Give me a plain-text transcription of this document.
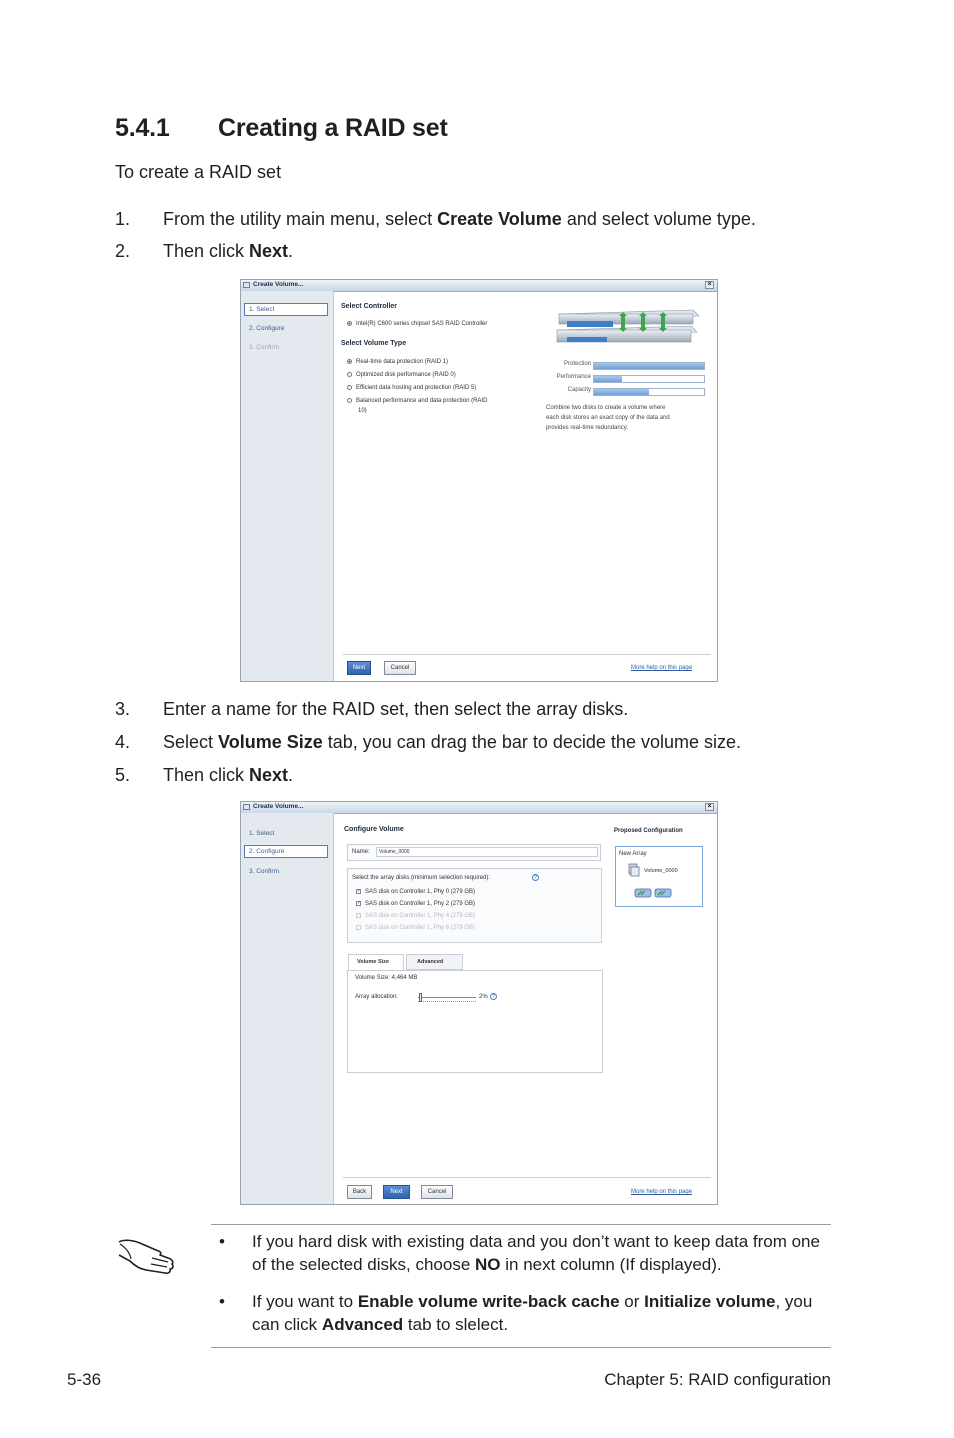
5.4.1 Creating a RAID set
To create a RAID set
1. From the utility main menu, select Create Volume and select volume type.
2. Then click Next.
Create Volume...	×
1. Select
2. Configure
3. Confirm
Select Controller
Intel(R) C600 series chipset SAS RAID Controller
Select Volume Type
Real-time data protection (RAID 1)
Optimized disk performance (RAID 0)
Efficient data hosting and protection (RAID 5)
Balanced performance and data protection (RAID
10)
Protection
Performance
Capacity
Combine two disks to create a volume where
each disk stores an exact copy of the data and
provides real-time redundancy.
Next	Cancel	More help on this page
3. Enter a name for the RAID set, then select the array disks.
4. Select Volume Size tab, you can drag the bar to decide the volume size.
5. Then click Next.
Create Volume...	×
1. Select
2. Configure
3. Confirm
Configure Volume
Name: Volume_0000
Select the array disks (minimum selection required):	?
✓ SAS disk on Controller 1, Phy 0 (279 GB)
✓ SAS disk on Controller 1, Phy 2 (279 GB)
SAS disk on Controller 1, Phy 4 (279 GB)
SAS disk on Controller 1, Phy 6 (279 GB)
Volume Size	Advanced
Volume Size: 4,464 MB
Array allocation:	2% ?
Proposed Configuration
New Array
Volume_0000
Back	Next	Cancel	More help on this page
• If you hard disk with existing data and you don’t want to keep data from one of the selected disks, choose NO in next column (If displayed).
• If you want to Enable volume write-back cache or Initialize volume, you can click Advanced tab to slelect.
5-36	Chapter 5: RAID configuration
